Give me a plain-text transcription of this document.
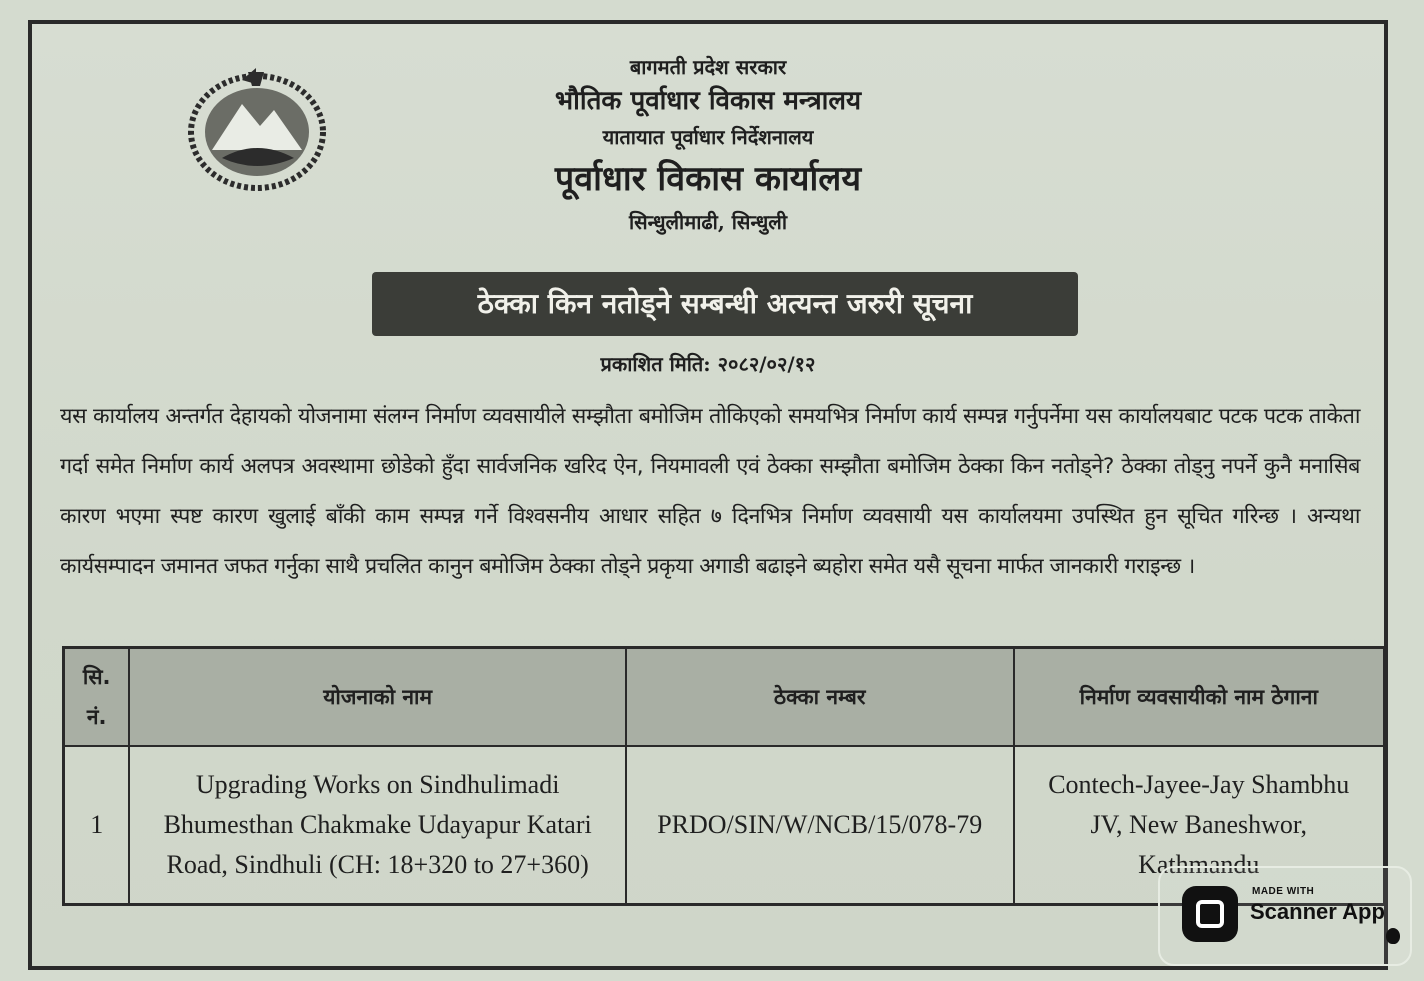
बागमती प्रदेश सरकार

भौतिक पूर्वाधार विकास मन्त्रालय

यातायात पूर्वाधार निर्देशनालय

पूर्वाधार विकास कार्यालय

सिन्धुलीमाढी, सिन्धुली

ठेक्का किन नतोड्ने सम्बन्धी अत्यन्त जरुरी सूचना
प्रकाशित मिति: २०८२/०२/१२

यस कार्यालय अन्तर्गत देहायको योजनामा संलग्न निर्माण व्यवसायीले सम्झौता बमोजिम तोकिएको समयभित्र निर्माण कार्य सम्पन्न गर्नुपर्नेमा यस कार्यालयबाट पटक पटक ताकेता गर्दा समेत निर्माण कार्य अलपत्र अवस्थामा छोडेको हुँदा सार्वजनिक खरिद ऐन, नियमावली एवं ठेक्का सम्झौता बमोजिम ठेक्का किन नतोड्ने? ठेक्का तोड्नु नपर्ने कुनै मनासिब कारण भएमा स्पष्ट कारण खुलाई बाँकी काम सम्पन्न गर्ने विश्वसनीय आधार सहित ७ दिनभित्र निर्माण व्यवसायी यस कार्यालयमा उपस्थित हुन सूचित गरिन्छ । अन्यथा कार्यसम्पादन जमानत जफत गर्नुका साथै प्रचलित कानुन बमोजिम ठेक्का तोड्ने प्रकृया अगाडी बढाइने ब्यहोरा समेत यसै सूचना मार्फत जानकारी गराइन्छ ।

सि.
नं.	योजनाको नाम	ठेक्का नम्बर	निर्माण व्यवसायीको नाम ठेगाना
1	Upgrading Works on Sindhulimadi
Bhumesthan Chakmake Udayapur Katari
Road, Sindhuli (CH: 18+320 to 27+360)	PRDO/SIN/W/NCB/15/078-79	Contech-Jayee-Jay Shambhu
JV, New Baneshwor,
Kathmandu
MADE WITH
Scanner App
